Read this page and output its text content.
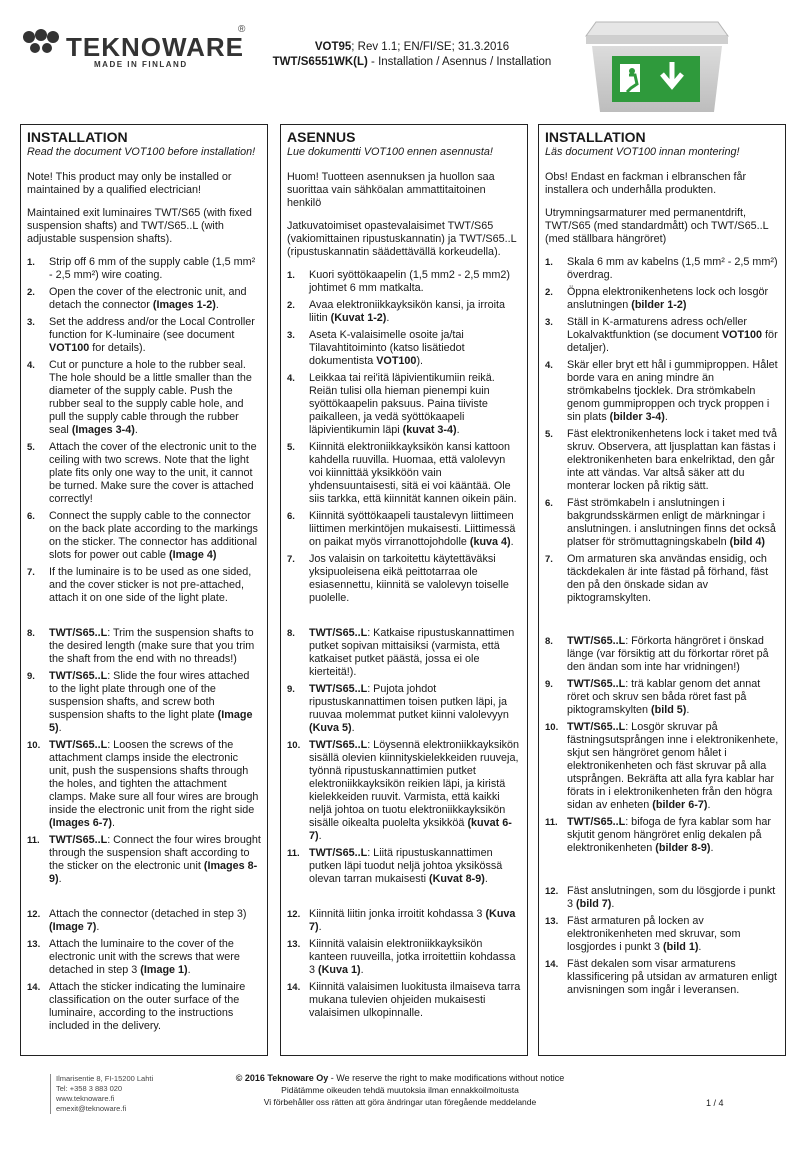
TEKNOWARE
®
MADE IN FINLAND
VOT95; Rev 1.1; EN/FI/SE; 31.3.2016
TWT/S6551WK(L) - Installation / Asennus / Installation
INSTALLATION
Read the document VOT100 before installation!

Note! This product may only be installed or maintained by a qualified electrician!

Maintained exit luminaires TWT/S65 (with fixed suspension shafts) and TWT/S65..L (with adjustable suspension shafts).

1. Strip off 6 mm of the supply cable (1,5 mm² - 2,5 mm²) wire coating.
2. Open the cover of the electronic unit, and detach the connector (Images 1-2).
3. Set the address and/or the Local Controller function for K-luminaire (see document VOT100 for details).
4. Cut or puncture a hole to the rubber seal. The hole should be a little smaller than the diameter of the supply cable. Push the rubber seal to the supply cable hole, and pull the supply cable through the rubber seal (Images 3-4).
5. Attach the cover of the electronic unit to the ceiling with two screws. Note that the light plate fits only one way to the unit, it cannot be turned. Make sure the cover is attached correctly!
6. Connect the supply cable to the connector on the back plate according to the markings on the sticker. The connector has additional slots for power out cable (Image 4)
7. If the luminaire is to be used as one sided, and the cover sticker is not pre-attached, attach it on one side of the light plate.
8. TWT/S65..L: Trim the suspension shafts to the desired length (make sure that you trim the shaft from the end with no threads!)
9. TWT/S65..L: Slide the four wires attached to the light plate through one of the suspension shafts, and screw both suspension shafts to the light plate (Image 5).
10. TWT/S65..L: Loosen the screws of the attachment clamps inside the electronic unit, push the suspensions shafts through the holes, and tighten the attachment clamps. Make sure all four wires are brough inside the electronic unit from the right side (Images 6-7).
11. TWT/S65..L: Connect the four wires brought through the suspension shaft according to the sticker on the electronic unit (Images 8-9).
12. Attach the connector (detached in step 3) (Image 7).
13. Attach the luminaire to the cover of the electronic unit with the screws that were detached in step 3 (Image 1).
14. Attach the sticker indicating the luminaire classification on the outer surface of the luminaire, according to the instructions included in the delivery.
ASENNUS
Lue dokumentti VOT100 ennen asennusta!

Huom! Tuotteen asennuksen ja huollon saa suorittaa vain sähköalan ammattitaitoinen henkilö

Jatkuvatoimiset opastevalaisimet TWT/S65 (vakiomittainen ripustuskannatin) ja TWT/S65..L (ripustuskannatin säädettävällä korkeudella).

1. Kuori syöttökaapelin (1,5 mm2 - 2,5 mm2) johtimet 6 mm matkalta.
2. Avaa elektroniikkayksikön kansi, ja irroita liitin (Kuvat 1-2).
3. Aseta K-valaisimelle osoite ja/tai Tilavahtitoiminto (katso lisätiedot dokumentista VOT100).
4. Leikkaa tai rei'itä läpivientikumiin reikä. Reiän tulisi olla hieman pienempi kuin syöttökaapelin paksuus. Paina tiiviste paikalleen, ja vedä syöttökaapeli läpivientikumin läpi (kuvat 3-4).
5. Kiinnitä elektroniikkayksikön kansi kattoon kahdella ruuvilla. Huomaa, että valolevyn voi kiinnittää yksikköön vain yhdensuuntaisesti, sitä ei voi kääntää. Ole siis tarkka, että kiinnität kannen oikein päin.
6. Kiinnitä syöttökaapeli taustalevyn liittimeen liittimen merkintöjen mukaisesti. Liittimessä on paikat myös virranottojohdolle (kuva 4).
7. Jos valaisin on tarkoitettu käytettäväksi yksipuoleisena eikä peittotarraa ole esiasennettu, kiinnitä se valolevyn toiselle puolelle.
8. TWT/S65..L: Katkaise ripustuskannattimen putket sopivan mittaisiksi (varmista, että katkaiset putket päästä, jossa ei ole kierteitä!).
9. TWT/S65..L: Pujota johdot ripustuskannattimen toisen putken läpi, ja ruuvaa molemmat putket kiinni valolevyyn (Kuva 5).
10. TWT/S65..L: Löysennä elektroniikkayksikön sisällä olevien kiinnityskielekkeiden ruuveja, työnnä ripustuskannattimien putket elektroniikkayksikön reikien läpi, ja kiristä kielekkeiden ruuvit. Varmista, että kaikki neljä johtoa on tuotu elektroniikkayksikön sisälle oikealta puolelta yksikköä (kuvat 6-7).
11. TWT/S65..L: Liitä ripustuskannattimen putken läpi tuodut neljä johtoa yksikössä olevan tarran mukaisesti (Kuvat 8-9).
12. Kiinnitä liitin jonka irroitit kohdassa 3 (Kuva 7).
13. Kiinnitä valaisin elektroniikkayksikön kanteen ruuveilla, jotka irroitettiin kohdassa 3 (Kuva 1).
14. Kiinnitä valaisimen luokitusta ilmaiseva tarra mukana tulevien ohjeiden mukaisesti valaisimen ulkopinnalle.
INSTALLATION
Läs document VOT100 innan montering!

Obs! Endast en fackman i elbranschen får installera och underhålla produkten.

Utrymningsarmaturer med permanentdrift, TWT/S65 (med standardmått) och TWT/S65..L (med ställbara hängröret)

1. Skala 6 mm av kabelns (1,5 mm² - 2,5 mm²) överdrag.
2. Öppna elektronikenhetens lock och losgör anslutningen (bilder 1-2)
3. Ställ in K-armaturens adress och/eller Lokalvaktfunktion (se document VOT100 för detaljer).
4. Skär eller bryt ett hål i gummiproppen. Hålet borde vara en aning mindre än strömkabelns tjocklek. Dra strömkabeln genom gummiproppen och tryck proppen i sin plats (bilder 3-4).
5. Fäst elektronikenhetens lock i taket med två skruv. Observera, att ljusplattan kan fästas i elektronikenheten bara enkelriktad, den går inte att vändas. Var altså säker att du monterar locken på riktig sätt.
6. Fäst strömkabeln i anslutningen i bakgrundsskärmen enligt de märkningar i anslutningen. i anslutningen finns det också platser för strömuttagningskabeln (bild 4)
7. Om armaturen ska användas ensidig, och täckdekalen är inte fästad på förhand, fäst den på den önskade sidan av piktogramskylten.
8. TWT/S65..L: Förkorta hängröret i önskad länge (var försiktig att du förkortar röret på den ändan som inte har vridningen!)
9. TWT/S65..L: trä kablar genom det annat röret och skruv sen båda röret fast på piktogramskylten (bild 5).
10. TWT/S65..L: Losgör skruvar på fästningsutsprången inne i elektronikenhete, skjut sen hängröret genom hålet i elektronikenheten och fäst skruvar på alla utsprången. Bekräfta att alla fyra kablar har förats in i elektronikenheten från den högra sidan av enheten (bilder 6-7).
11. TWT/S65..L: bifoga de fyra kablar som har skjutit genom hängröret enlig dekalen på elektronikenheten (bilder 8-9).
12. Fäst anslutningen, som du lösgjorde i punkt 3 (bild 7).
13. Fäst armaturen på locken av elektronikenheten med skruvar, som losgjordes i punkt 3 (bild 1).
14. Fäst dekalen som visar armaturens klassificering på utsidan av armaturen enligt anvisningen som ingår i leveransen.
Ilmarisentie 8, FI-15200 Lahti
Tel: +358 3 883 020
www.teknoware.fi
emexit@teknoware.fi
© 2016 Teknoware Oy - We reserve the right to make modifications without notice
Pidätämme oikeuden tehdä muutoksia ilman ennakkoilmoitusta
Vi förbehåller oss rätten att göra ändringar utan föregående meddelande	1 / 4
